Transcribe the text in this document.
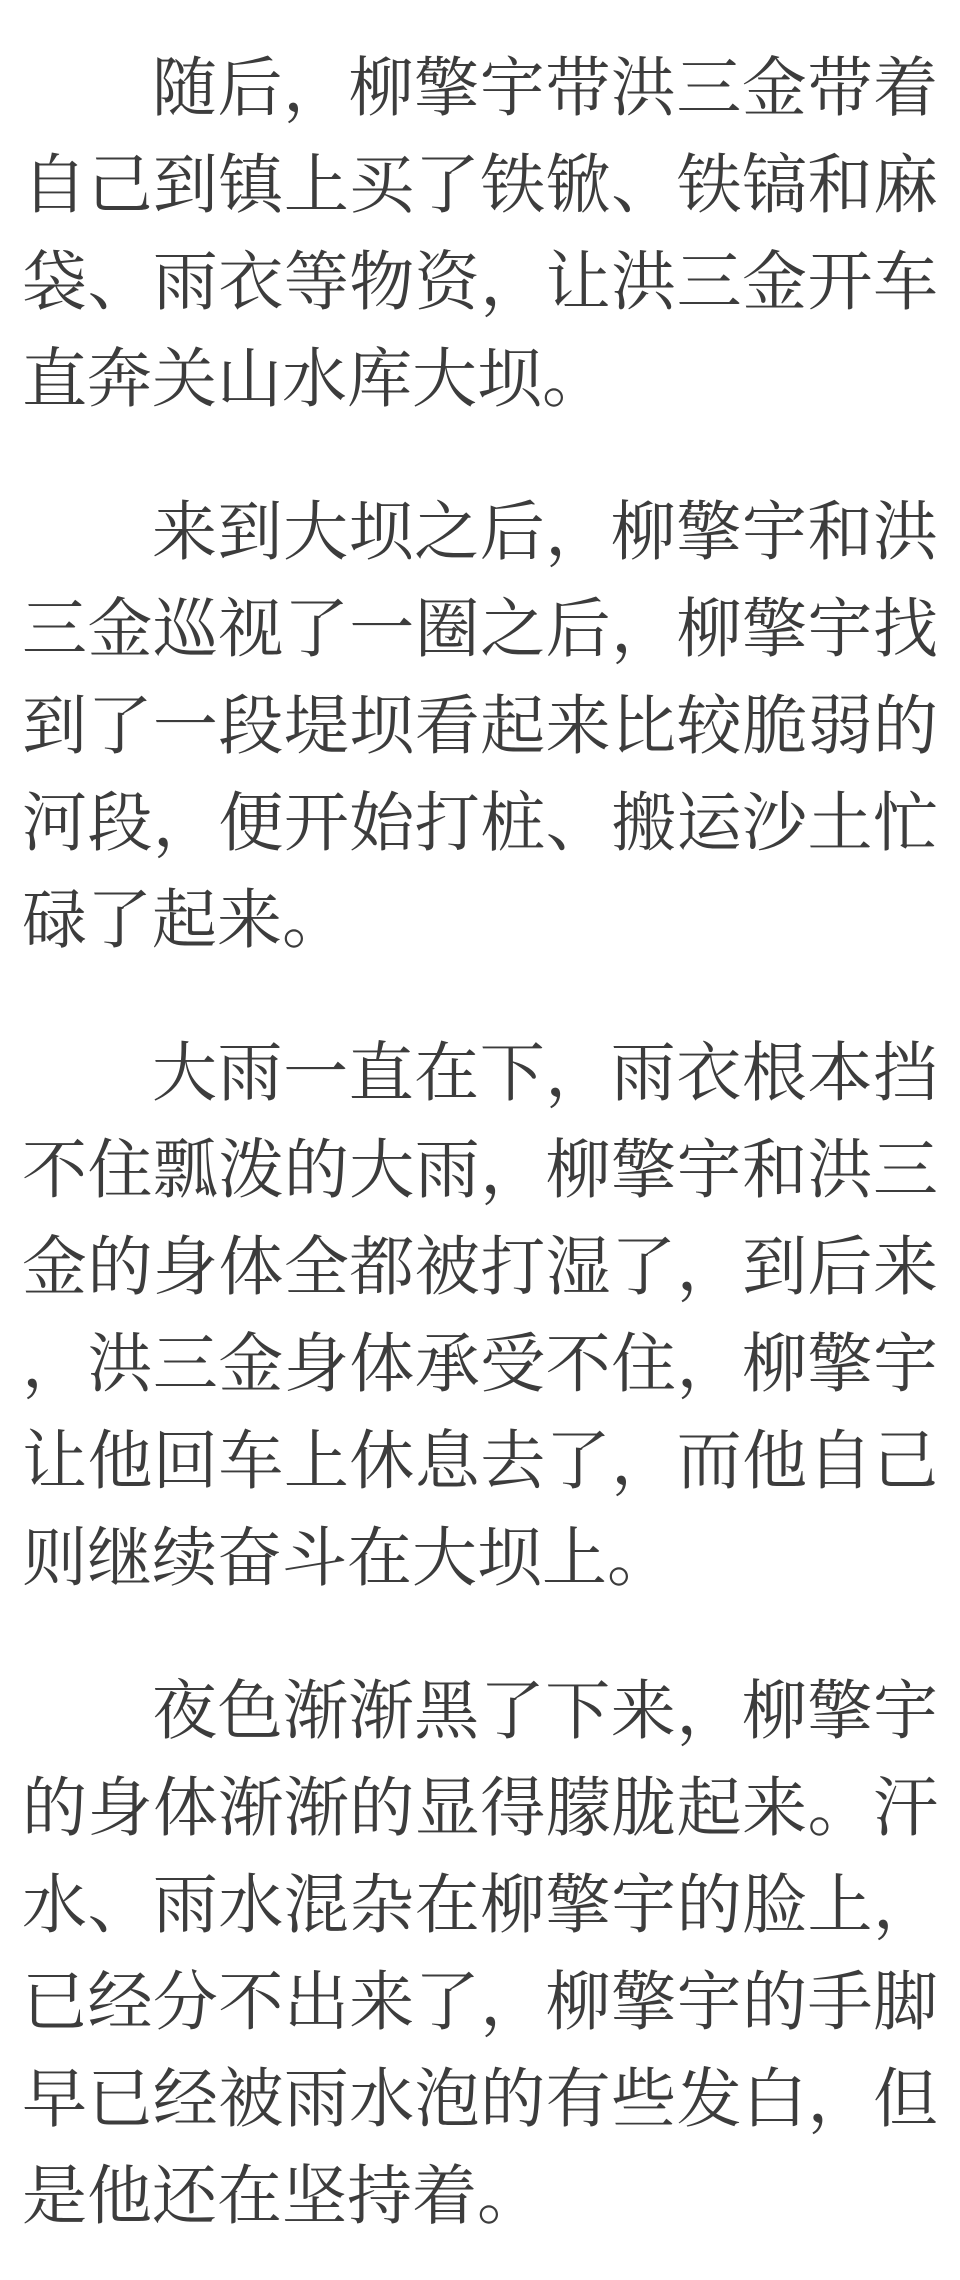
随后，柳擎宇带洪三金带着自己到镇上买了铁锨、铁镐和麻袋、雨衣等物资，让洪三金开车直奔关山水库大坝。

来到大坝之后，柳擎宇和洪三金巡视了一圈之后，柳擎宇找到了一段堤坝看起来比较脆弱的河段，便开始打桩、搬运沙土忙碌了起来。

大雨一直在下，雨衣根本挡不住瓢泼的大雨，柳擎宇和洪三金的身体全都被打湿了，到后来，洪三金身体承受不住，柳擎宇让他回车上休息去了，而他自己则继续奋斗在大坝上。

夜色渐渐黑了下来，柳擎宇的身体渐渐的显得朦胧起来。汗水、雨水混杂在柳擎宇的脸上，已经分不出来了，柳擎宇的手脚早已经被雨水泡的有些发白，但是他还在坚持着。
